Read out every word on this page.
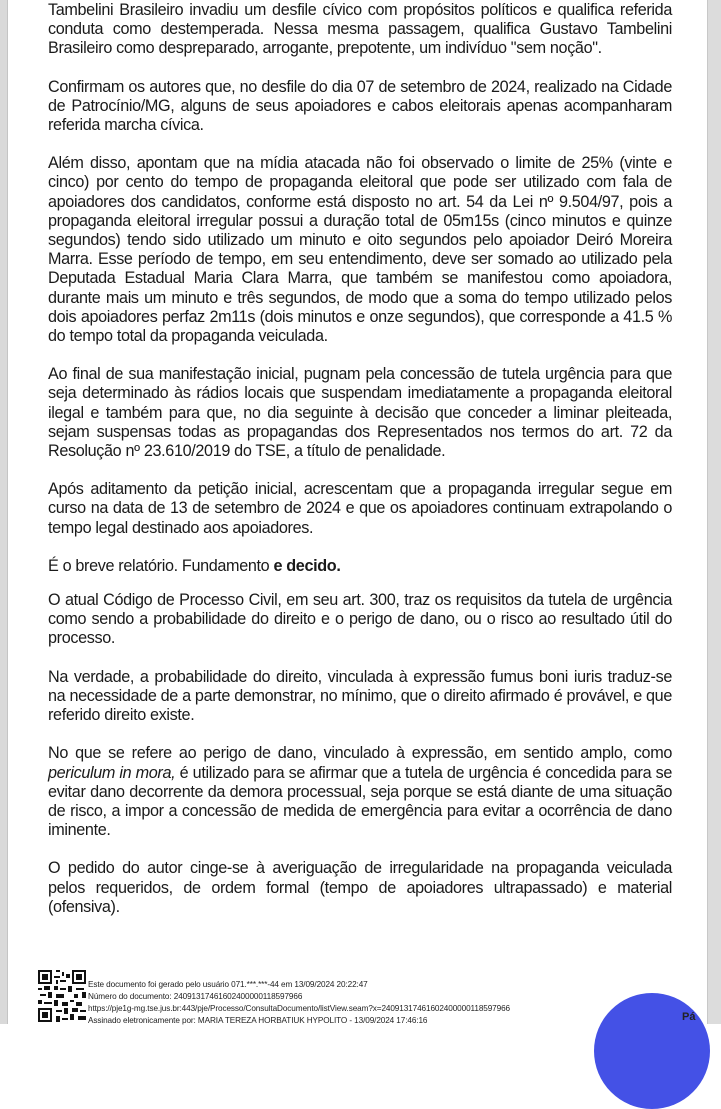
Tambelini Brasileiro invadiu um desfile cívico com propósitos políticos e qualifica referida conduta como destemperada. Nessa mesma passagem, qualifica Gustavo Tambelini Brasileiro como despreparado, arrogante, prepotente, um indivíduo "sem noção".

Confirmam os autores que, no desfile do dia 07 de setembro de 2024, realizado na Cidade de Patrocínio/MG, alguns de seus apoiadores e cabos eleitorais apenas acompanharam referida marcha cívica.

Além disso, apontam que na mídia atacada não foi observado o limite de 25% (vinte e cinco) por cento do tempo de propaganda eleitoral que pode ser utilizado com fala de apoiadores dos candidatos, conforme está disposto no art. 54 da Lei nº 9.504/97, pois a propaganda eleitoral irregular possui a duração total de 05m15s (cinco minutos e quinze segundos) tendo sido utilizado um minuto e oito segundos pelo apoiador Deiró Moreira Marra. Esse período de tempo, em seu entendimento, deve ser somado ao utilizado pela Deputada Estadual Maria Clara Marra, que também se manifestou como apoiadora, durante mais um minuto e três segundos, de modo que a soma do tempo utilizado pelos dois apoiadores perfaz 2m11s (dois minutos e onze segundos), que corresponde a 41.5 % do tempo total da propaganda veiculada.

Ao final de sua manifestação inicial, pugnam pela concessão de tutela urgência para que seja determinado às rádios locais que suspendam imediatamente a propaganda eleitoral ilegal e também para que, no dia seguinte à decisão que conceder a liminar pleiteada, sejam suspensas todas as propagandas dos Representados nos termos do art. 72 da Resolução nº 23.610/2019 do TSE, a título de penalidade.

Após aditamento da petição inicial, acrescentam que a propaganda irregular segue em curso na data de 13 de setembro de 2024 e que os apoiadores continuam extrapolando o tempo legal destinado aos apoiadores.

É o breve relatório. Fundamento e decido.

O atual Código de Processo Civil, em seu art. 300, traz os requisitos da tutela de urgência como sendo a probabilidade do direito e o perigo de dano, ou o risco ao resultado útil do processo.

Na verdade, a probabilidade do direito, vinculada à expressão fumus boni iuris traduz-se na necessidade de a parte demonstrar, no mínimo, que o direito afirmado é provável, e que referido direito existe.

No que se refere ao perigo de dano, vinculado à expressão, em sentido amplo, como periculum in mora, é utilizado para se afirmar que a tutela de urgência é concedida para se evitar dano decorrente da demora processual, seja porque se está diante de uma situação de risco, a impor a concessão de medida de emergência para evitar a ocorrência de dano iminente.

O pedido do autor cinge-se à averiguação de irregularidade na propaganda veiculada pelos requeridos, de ordem formal (tempo de apoiadores ultrapassado) e material (ofensiva).

Este documento foi gerado pelo usuário 071.***.***-44 em 13/09/2024 20:22:47
Número do documento: 24091317461602400000118597966
https://pje1g-mg.tse.jus.br:443/pje/Processo/ConsultaDocumento/listView.seam?x=24091317461602400000118597966
Assinado eletronicamente por: MARIA TEREZA HORBATIUK HYPOLITO - 13/09/2024 17:46:16	Pá
